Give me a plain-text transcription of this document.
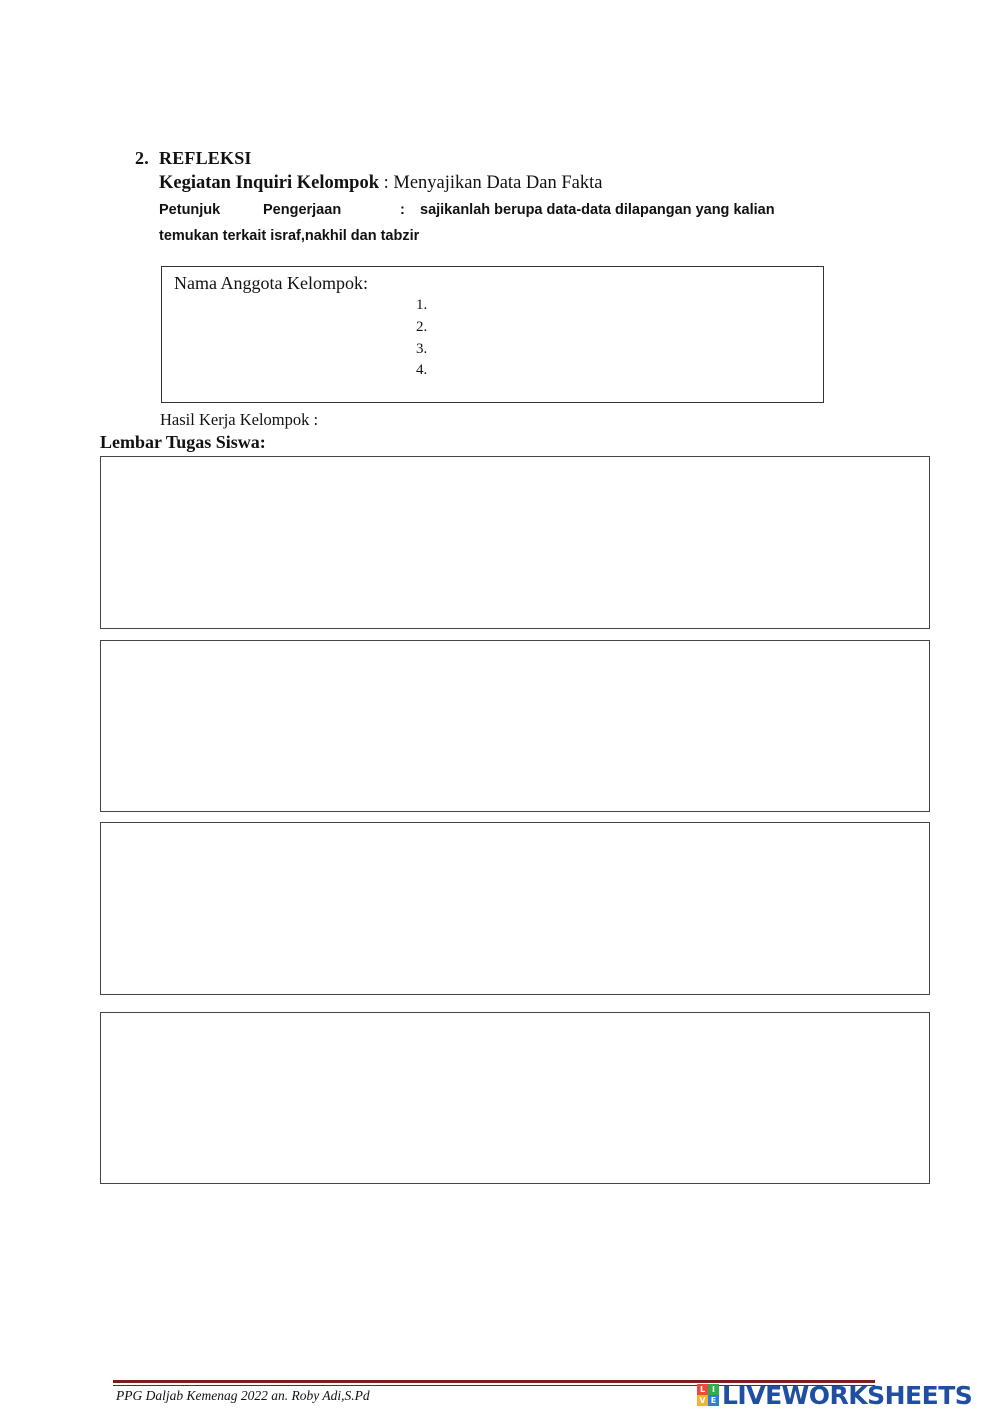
2. REFLEKSI
Kegiatan Inquiri Kelompok : Menyajikan Data Dan Fakta
Petunjuk	Pengerjaan	: sajikanlah berupa data-data dilapangan yang kalian
temukan terkait israf,nakhil dan tabzir
Nama Anggota Kelompok:
1.
2.
3.
4.
Hasil Kerja Kelompok :
Lembar Tugas Siswa:
PPG Daljab Kemenag 2022 an. Roby Adi,S.Pd	L I
V E LIVEWORKSHEETS
